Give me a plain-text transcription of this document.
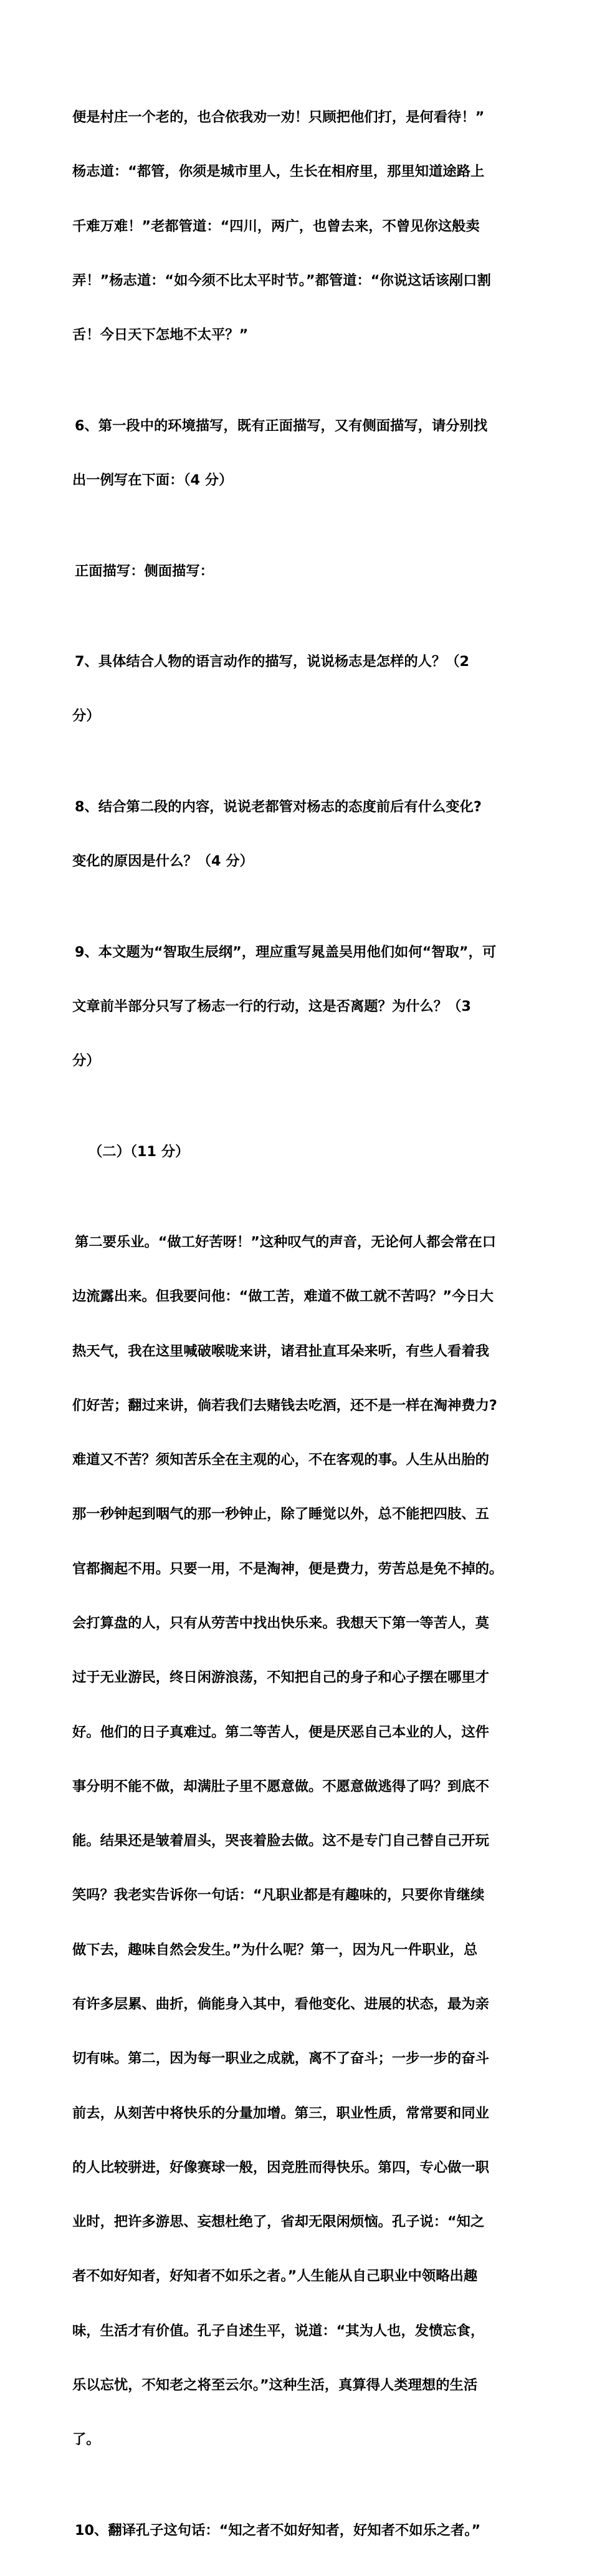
便是村庄一个老的，也合依我劝一劝！只顾把他们打，是何看待！”

杨志道：“都管，你须是城市里人，生长在相府里，那里知道途路上

千难万难！”老都管道：“四川，两广，也曾去来，不曾见你这般卖

弄！”杨志道：“如今须不比太平时节。”都管道：“你说这话该剐口割

舌！今日天下怎地不太平？”

6、第一段中的环境描写，既有正面描写，又有侧面描写，请分别找

出一例写在下面：（4 分）

正面描写：侧面描写：

7、具体结合人物的语言动作的描写，说说杨志是怎样的人？（2

分）

8、结合第二段的内容，说说老都管对杨志的态度前后有什么变化?

变化的原因是什么？（4 分）

9、本文题为“智取生辰纲”，理应重写晁盖吴用他们如何“智取”，可

文章前半部分只写了杨志一行的行动，这是否离题？为什么？（3

分）

（二）（11 分）

第二要乐业。“做工好苦呀！”这种叹气的声音，无论何人都会常在口

边流露出来。但我要问他：“做工苦，难道不做工就不苦吗？”今日大

热天气，我在这里喊破喉咙来讲，诸君扯直耳朵来听，有些人看着我

们好苦；翻过来讲，倘若我们去赌钱去吃酒，还不是一样在淘神费力?

难道又不苦？须知苦乐全在主观的心，不在客观的事。人生从出胎的

那一秒钟起到咽气的那一秒钟止，除了睡觉以外，总不能把四肢、五

官都搁起不用。只要一用，不是淘神，便是费力，劳苦总是免不掉的。

会打算盘的人，只有从劳苦中找出快乐来。我想天下第一等苦人，莫

过于无业游民，终日闲游浪荡，不知把自己的身子和心子摆在哪里才

好。他们的日子真难过。第二等苦人，便是厌恶自己本业的人，这件

事分明不能不做，却满肚子里不愿意做。不愿意做逃得了吗？到底不

能。结果还是皱着眉头，哭丧着脸去做。这不是专门自己替自己开玩

笑吗？我老实告诉你一句话：“凡职业都是有趣味的，只要你肯继续

做下去，趣味自然会发生。”为什么呢？第一，因为凡一件职业，总

有许多层累、曲折，倘能身入其中，看他变化、进展的状态，最为亲

切有味。第二，因为每一职业之成就，离不了奋斗；一步一步的奋斗

前去，从刻苦中将快乐的分量加增。第三，职业性质，常常要和同业

的人比较骈进，好像赛球一般，因竞胜而得快乐。第四，专心做一职

业时，把许多游思、妄想杜绝了，省却无限闲烦恼。孔子说：“知之

者不如好知者，好知者不如乐之者。”人生能从自己职业中领略出趣

味，生活才有价值。孔子自述生平，说道：“其为人也，发愤忘食，

乐以忘忧，不知老之将至云尔。”这种生活，真算得人类理想的生活

了。

10、翻译孔子这句话：“知之者不如好知者，好知者不如乐之者。”
